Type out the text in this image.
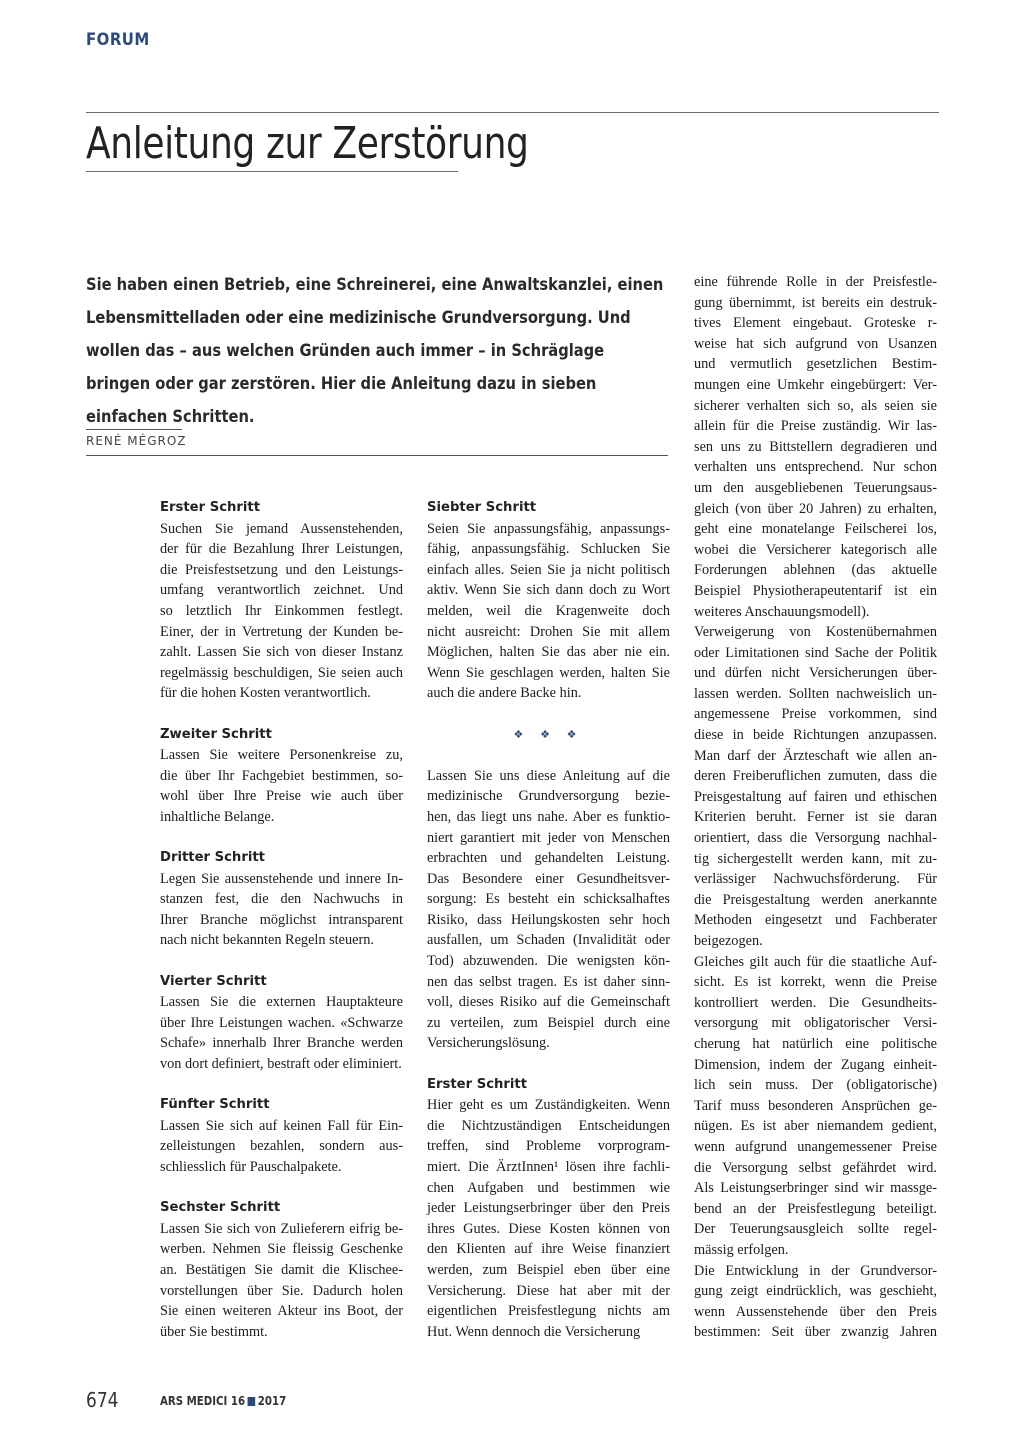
FORUM
Anleitung zur Zerstörung
Sie haben einen Betrieb, eine Schreinerei, eine Anwaltskanzlei, einen Lebensmittelladen oder eine medizinische Grundversorgung. Und wollen das – aus welchen Gründen auch immer – in Schräglage bringen oder gar zerstören. Hier die Anleitung dazu in sieben einfachen Schritten.
RENÉ MÉGROZ
Erster Schritt

Suchen Sie jemand Aussenstehenden,
der für die Bezahlung Ihrer Leistungen,
die Preisfestsetzung und den Leistungs-
umfang verantwortlich zeichnet. Und
so letztlich Ihr Einkommen festlegt.
Einer, der in Vertretung der Kunden be-
zahlt. Lassen Sie sich von dieser Instanz
regelmässig beschuldigen, Sie seien auch
für die hohen Kosten verantwortlich.

Zweiter Schritt

Lassen Sie weitere Personenkreise zu,
die über Ihr Fachgebiet bestimmen, so-
wohl über Ihre Preise wie auch über
inhaltliche Belange.

Dritter Schritt

Legen Sie aussenstehende und innere In-
stanzen fest, die den Nachwuchs in
Ihrer Branche möglichst intransparent
nach nicht bekannten Regeln steuern.

Vierter Schritt

Lassen Sie die externen Hauptakteure
über Ihre Leistungen wachen. «Schwarze
Schafe» innerhalb Ihrer Branche werden
von dort definiert, bestraft oder eliminiert.

Fünfter Schritt

Lassen Sie sich auf keinen Fall für Ein-
zelleistungen bezahlen, sondern aus-
schliesslich für Pauschalpakete.

Sechster Schritt

Lassen Sie sich von Zulieferern eifrig be-
werben. Nehmen Sie fleissig Geschenke
an. Bestätigen Sie damit die Klischee-
vorstellungen über Sie. Dadurch holen
Sie einen weiteren Akteur ins Boot, der
über Sie bestimmt.

Siebter Schritt

Seien Sie anpassungsfähig, anpassungs-
fähig, anpassungsfähig. Schlucken Sie
einfach alles. Seien Sie ja nicht politisch
aktiv. Wenn Sie sich dann doch zu Wort
melden, weil die Kragenweite doch
nicht ausreicht: Drohen Sie mit allem
Möglichen, halten Sie das aber nie ein.
Wenn Sie geschlagen werden, halten Sie
auch die andere Backe hin.

❖ ❖ ❖

Lassen Sie uns diese Anleitung auf die
medizinische Grundversorgung bezie-
hen, das liegt uns nahe. Aber es funktio-
niert garantiert mit jeder von Menschen
erbrachten und gehandelten Leistung.
Das Besondere einer Gesundheitsver-
sorgung: Es besteht ein schicksalhaftes
Risiko, dass Heilungskosten sehr hoch
ausfallen, um Schaden (Invalidität oder
Tod) abzuwenden. Die wenigsten kön-
nen das selbst tragen. Es ist daher sinn-
voll, dieses Risiko auf die Gemeinschaft
zu verteilen, zum Beispiel durch eine
Versicherungslösung.

Erster Schritt

Hier geht es um Zuständigkeiten. Wenn
die Nichtzuständigen Entscheidungen
treffen, sind Probleme vorprogram-
miert. Die ÄrztInnen¹ lösen ihre fachli-
chen Aufgaben und bestimmen wie
jeder Leistungserbringer über den Preis
ihres Gutes. Diese Kosten können von
den Klienten auf ihre Weise finanziert
werden, zum Beispiel eben über eine
Versicherung. Diese hat aber mit der
eigentlichen Preisfestlegung nichts am
Hut. Wenn dennoch die Versicherung

eine führende Rolle in der Preisfestle-
gung übernimmt, ist bereits ein destruk-
tives Element eingebaut. Groteske r-
weise hat sich aufgrund von Usanzen
und vermutlich gesetzlichen Bestim-
mungen eine Umkehr eingebürgert: Ver-
sicherer verhalten sich so, als seien sie
allein für die Preise zuständig. Wir las-
sen uns zu Bittstellern degradieren und
verhalten uns entsprechend. Nur schon
um den ausgebliebenen Teuerungsaus-
gleich (von über 20 Jahren) zu erhalten,
geht eine monatelange Feilscherei los,
wobei die Versicherer kategorisch alle
Forderungen ablehnen (das aktuelle
Beispiel Physiotherapeutentarif ist ein
weiteres Anschauungsmodell).

Verweigerung von Kostenübernahmen
oder Limitationen sind Sache der Politik
und dürfen nicht Versicherungen über-
lassen werden. Sollten nachweislich un-
angemessene Preise vorkommen, sind
diese in beide Richtungen anzupassen.
Man darf der Ärzteschaft wie allen an-
deren Freiberuflichen zumuten, dass die
Preisgestaltung auf fairen und ethischen
Kriterien beruht. Ferner ist sie daran
orientiert, dass die Versorgung nachhal-
tig sichergestellt werden kann, mit zu-
verlässiger Nachwuchsförderung. Für
die Preisgestaltung werden anerkannte
Methoden eingesetzt und Fachberater
beigezogen.

Gleiches gilt auch für die staatliche Auf-
sicht. Es ist korrekt, wenn die Preise
kontrolliert werden. Die Gesundheits-
versorgung mit obligatorischer Versi-
cherung hat natürlich eine politische
Dimension, indem der Zugang einheit-
lich sein muss. Der (obligatorische)
Tarif muss besonderen Ansprüchen ge-
nügen. Es ist aber niemandem gedient,
wenn aufgrund unangemessener Preise
die Versorgung selbst gefährdet wird.
Als Leistungserbringer sind wir massge-
bend an der Preisfestlegung beteiligt.
Der Teuerungsausgleich sollte regel-
mässig erfolgen.

Die Entwicklung in der Grundversor-
gung zeigt eindrücklich, was geschieht,
wenn Aussenstehende über den Preis
bestimmen: Seit über zwanzig Jahren

674	ARS MEDICI 16 2017
